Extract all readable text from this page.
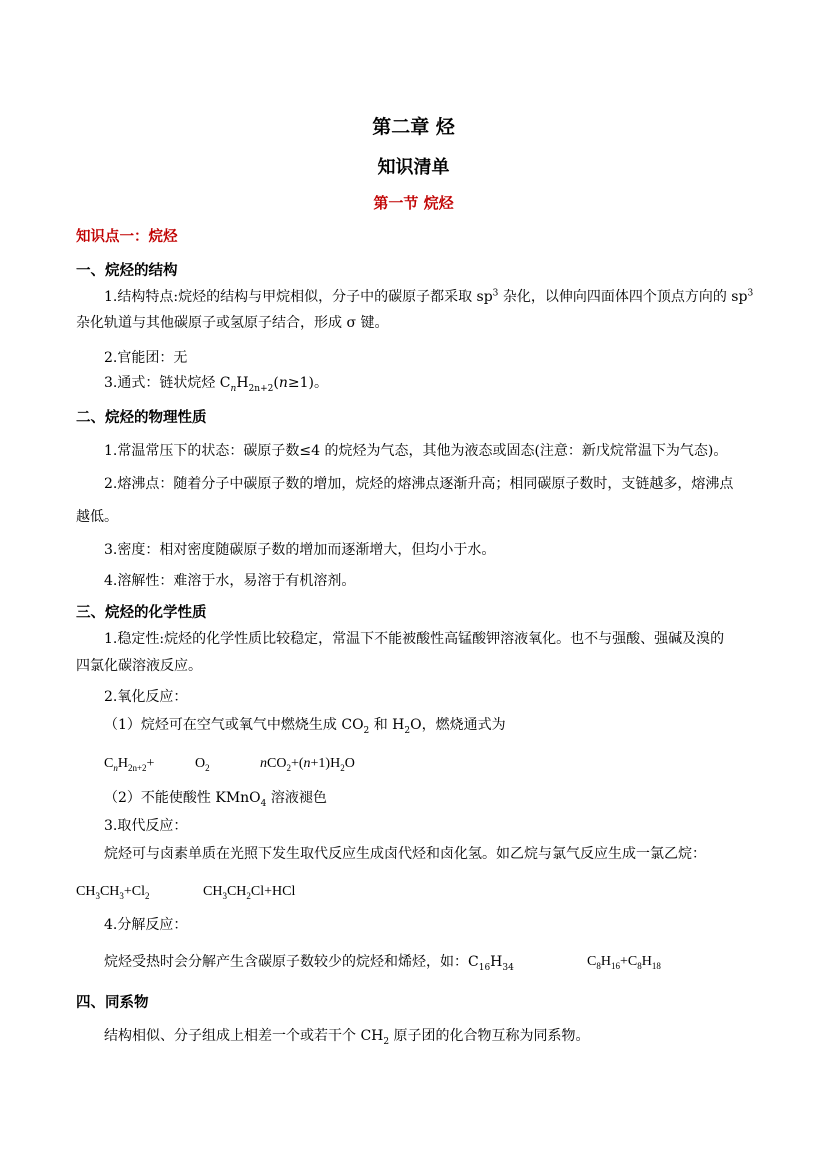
第二章 烃
知识清单
第一节 烷烃
知识点一：烷烃
一、烷烃的结构
1.结构特点:烷烃的结构与甲烷相似，分子中的碳原子都采取 $sp^3$ 杂化，以伸向四面体四个顶点方向的 $sp^3$
杂化轨道与其他碳原子或氢原子结合，形成 σ 键。
2.官能团：无
3.通式：链状烷烃 $C_nH_{2n+2}(n\ge 1)$。
二、烷烃的物理性质
1.常温常压下的状态：碳原子数≤4 的烷烃为气态，其他为液态或固态(注意：新戊烷常温下为气态)。
2.熔沸点：随着分子中碳原子数的增加，烷烃的熔沸点逐渐升高；相同碳原子数时，支链越多，熔沸点
越低。
3.密度：相对密度随碳原子数的增加而逐渐增大，但均小于水。
4.溶解性：难溶于水，易溶于有机溶剂。
三、烷烃的化学性质
1.稳定性:烷烃的化学性质比较稳定，常温下不能被酸性高锰酸钾溶液氧化。也不与强酸、强碱及溴的
四氯化碳溶液反应。
2.氧化反应：
（1）烷烃可在空气或氧气中燃烧生成 $CO_2$ 和 $H_2O$，燃烧通式为
$C_nH_{2n+2}+$	$O_2$	$nCO_2+(n+1)H_2O$
（2）不能使酸性 KMnO$_4$ 溶液褪色
3.取代反应：
烷烃可与卤素单质在光照下发生取代反应生成卤代烃和卤化氢。如乙烷与氯气反应生成一氯乙烷：
$CH_3CH_3+Cl_2$	$CH_3CH_2Cl+HCl$
4.分解反应：
烷烃受热时会分解产生含碳原子数较少的烷烃和烯烃，如：$C_{16}H_{34}$	$C_8H_{16}+C_8H_{18}$
四、同系物
结构相似、分子组成上相差一个或若干个 $CH_2$ 原子团的化合物互称为同系物。
